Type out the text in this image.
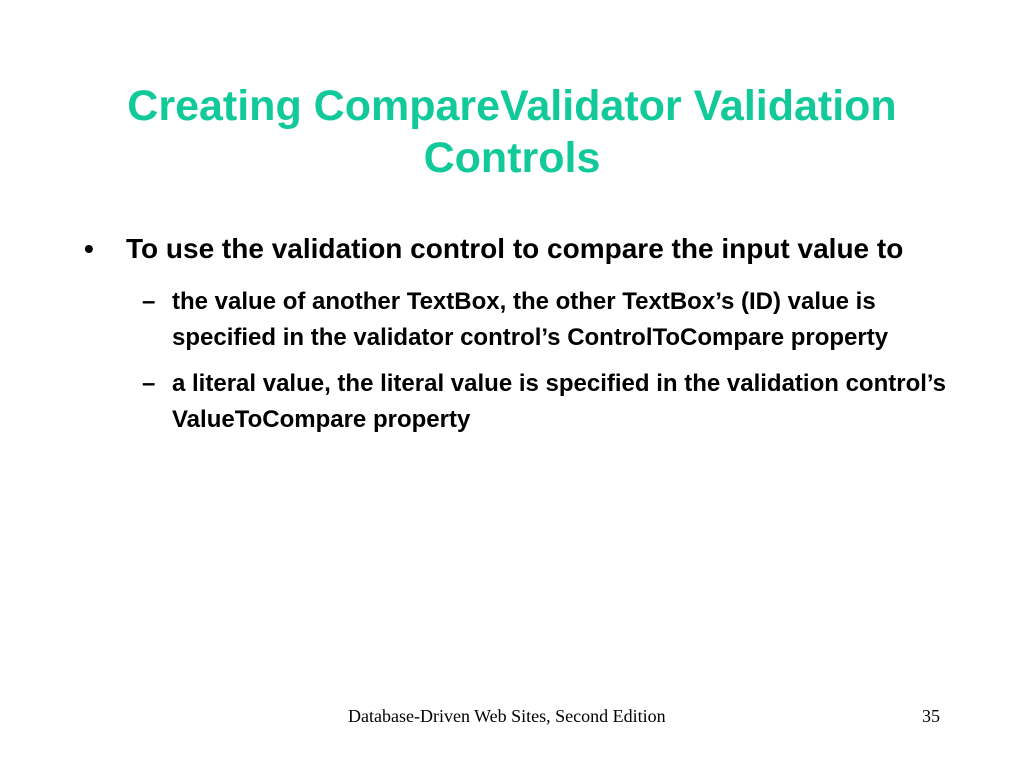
Creating CompareValidator Validation Controls
• To use the validation control to compare the input value to
– the value of another TextBox, the other TextBox’s (ID) value is specified in the validator control’s ControlToCompare property
– a literal value, the literal value is specified in the validation control’s ValueToCompare property
Database-Driven Web Sites, Second Edition	35
